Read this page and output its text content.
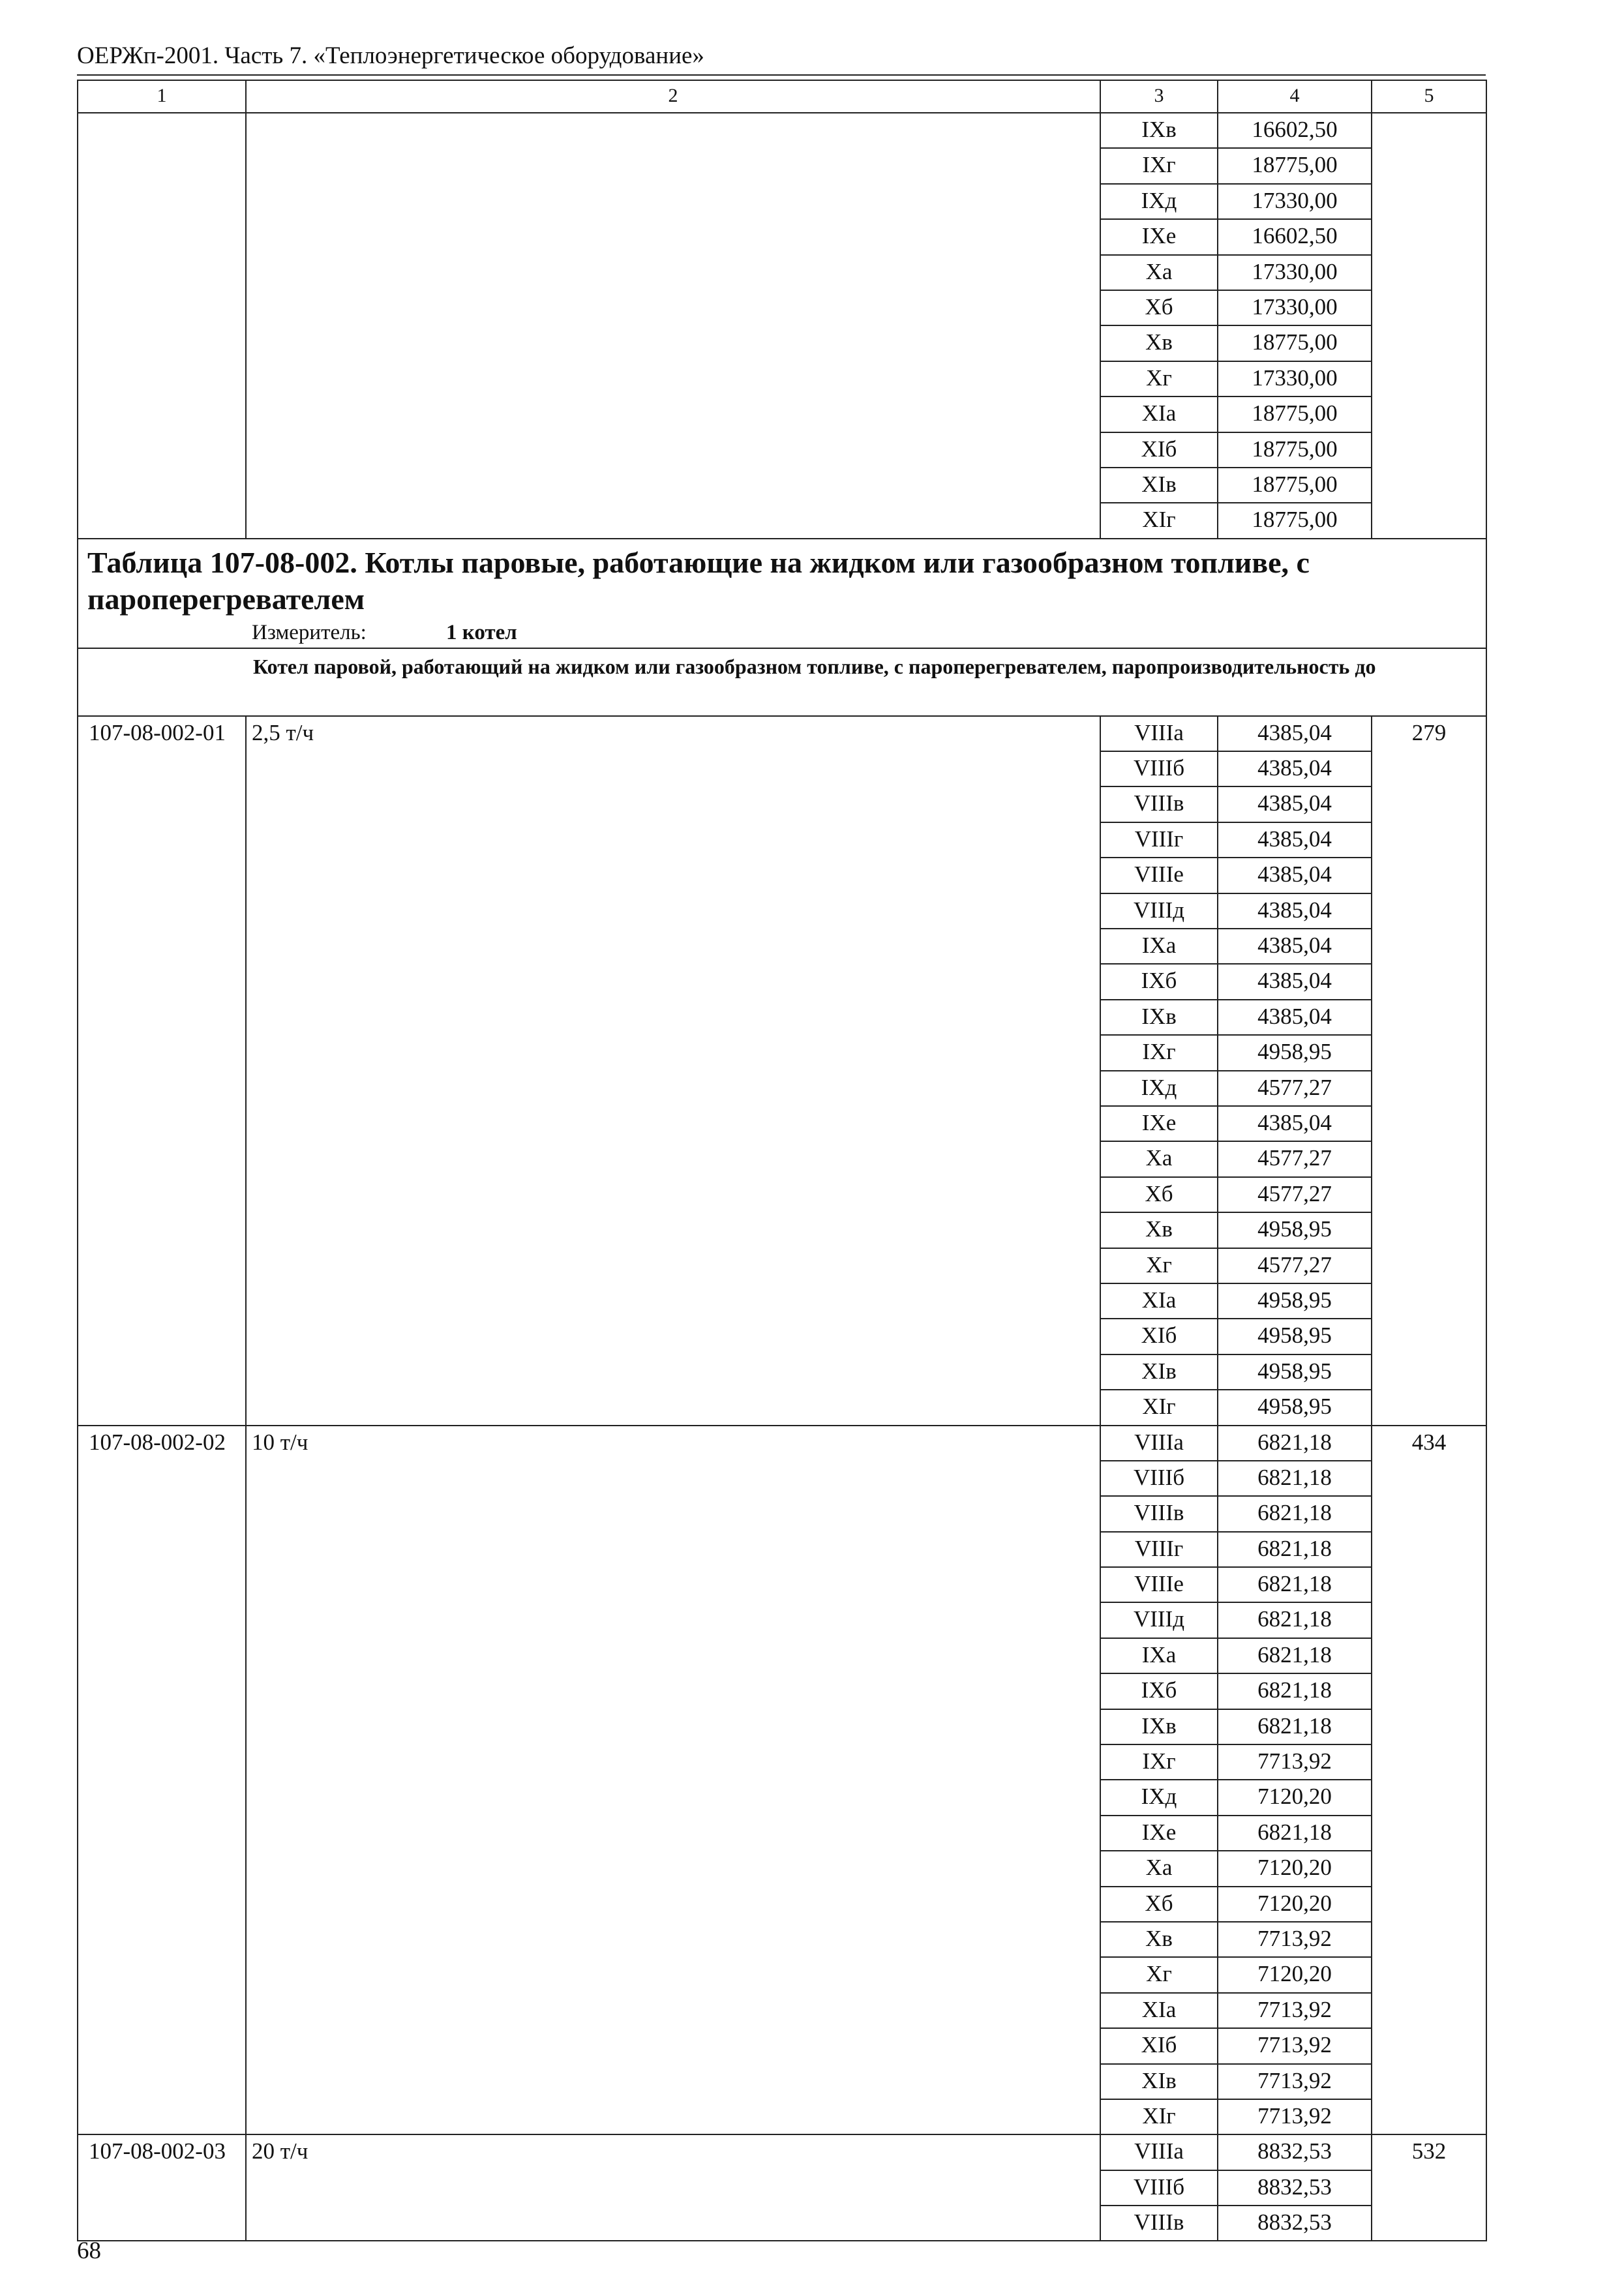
ОЕРЖп-2001. Часть 7. «Теплоэнергетическое оборудование»
1	2	3	4	5
		IXв	16602,50	
		IXг	18775,00	
		IXд	17330,00	
		IXе	16602,50	
		Xа	17330,00	
		Xб	17330,00	
		Xв	18775,00	
		Xг	17330,00	
		XIа	18775,00	
		XIб	18775,00	
		XIв	18775,00	
		XIг	18775,00	
Таблица 107-08-002. Котлы паровые, работающие на жидком или газообразном топливе, с пароперегревателем				
Измеритель: 1 котел				
Котел паровой, работающий на жидком или газообразном топливе, с пароперегревателем, паропроизводительность до				
107-08-002-01	2,5 т/ч	VIIIа	4385,04	279
		VIIIб	4385,04	
		VIIIв	4385,04	
		VIIIг	4385,04	
		VIIIе	4385,04	
		VIIIд	4385,04	
		IXа	4385,04	
		IXб	4385,04	
		IXв	4385,04	
		IXг	4958,95	
		IXд	4577,27	
		IXе	4385,04	
		Xа	4577,27	
		Xб	4577,27	
		Xв	4958,95	
		Xг	4577,27	
		XIа	4958,95	
		XIб	4958,95	
		XIв	4958,95	
		XIг	4958,95	
107-08-002-02	10 т/ч	VIIIа	6821,18	434
		VIIIб	6821,18	
		VIIIв	6821,18	
		VIIIг	6821,18	
		VIIIе	6821,18	
		VIIIд	6821,18	
		IXа	6821,18	
		IXб	6821,18	
		IXв	6821,18	
		IXг	7713,92	
		IXд	7120,20	
		IXе	6821,18	
		Xа	7120,20	
		Xб	7120,20	
		Xв	7713,92	
		Xг	7120,20	
		XIа	7713,92	
		XIб	7713,92	
		XIв	7713,92	
		XIг	7713,92	
107-08-002-03	20 т/ч	VIIIа	8832,53	532
		VIIIб	8832,53	
		VIIIв	8832,53	
68
